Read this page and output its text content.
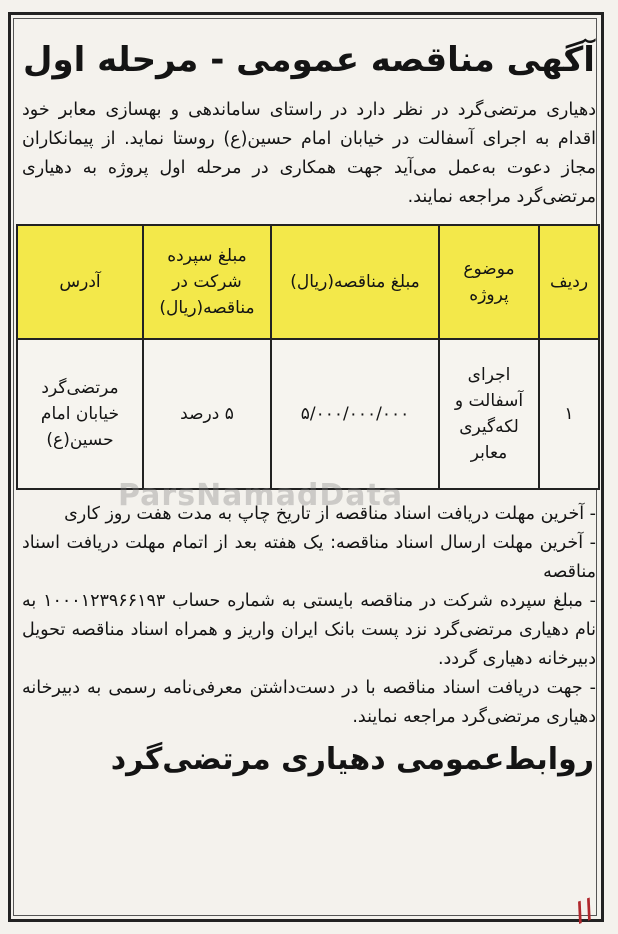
آگهی مناقصه عمومی - مرحله اول

دهیاری مرتضی‌گرد در نظر دارد در راستای ساماندهی و بهسازی معابر خود اقدام به اجرای آسفالت در خیابان امام حسین(ع) روستا نماید. از پیمانکاران مجاز دعوت به‌عمل می‌آید جهت همکاری در مرحله اول پروژه به دهیاری مرتضی‌گرد مراجعه نمایند.

ردیف	موضوع پروژه	مبلغ مناقصه(ریال)	مبلغ سپرده شرکت در مناقصه(ریال)	آدرس
۱	اجرای آسفالت و لکه‌گیری معابر	۵/۰۰۰/۰۰۰/۰۰۰	۵ درصد	مرتضی‌گرد خیابان امام حسین(ع)

- آخرین مهلت دریافت اسناد مناقصه از تاریخ چاپ به مدت هفت روز کاری

- آخرین مهلت ارسال اسناد مناقصه: یک هفته بعد از اتمام مهلت دریافت اسناد مناقصه

- مبلغ سپرده شرکت در مناقصه بایستی به شماره حساب ۱۰۰۰۱۲۳۹۶۶۱۹۳ به نام دهیاری مرتضی‌گرد نزد پست بانک ایران واریز و همراه اسناد مناقصه تحویل دبیرخانه دهیاری گردد.

- جهت دریافت اسناد مناقصه با در دست‌داشتن معرفی‌نامه رسمی به دبیرخانه دهیاری مرتضی‌گرد مراجعه نمایند.

روابط‌عمومی دهیاری مرتضی‌گرد
ParsNamadData
//
